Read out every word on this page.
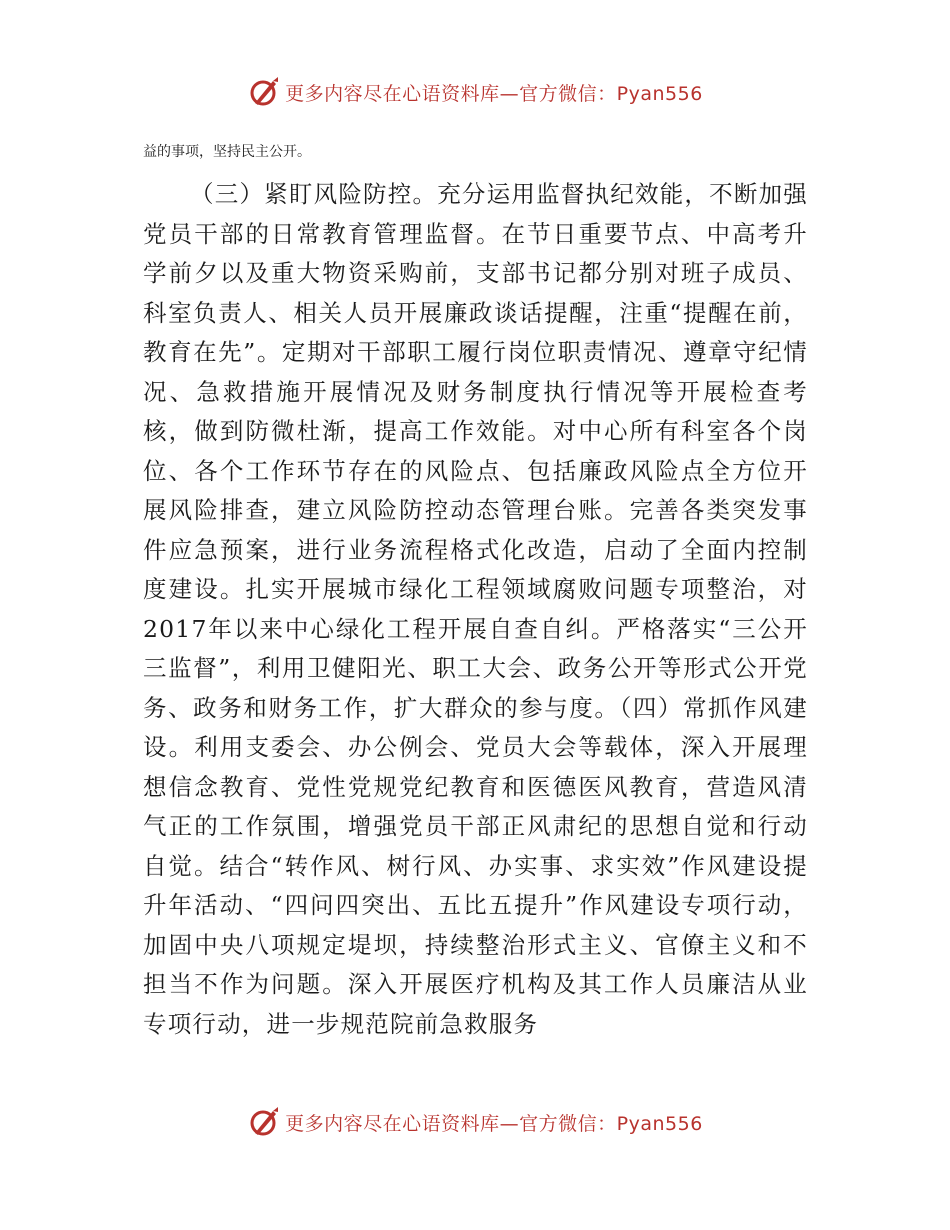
更多内容尽在心语资料库—官方微信：Pyan556
益的事项，坚持民主公开。

（三）紧盯风险防控。充分运用监督执纪效能，不断加强党员干部的日常教育管理监督。在节日重要节点、中高考升学前夕以及重大物资采购前，支部书记都分别对班子成员、科室负责人、相关人员开展廉政谈话提醒，注重“提醒在前，教育在先”。定期对干部职工履行岗位职责情况、遵章守纪情况、急救措施开展情况及财务制度执行情况等开展检查考核，做到防微杜渐，提高工作效能。对中心所有科室各个岗位、各个工作环节存在的风险点、包括廉政风险点全方位开展风险排查，建立风险防控动态管理台账。完善各类突发事件应急预案，进行业务流程格式化改造，启动了全面内控制度建设。扎实开展城市绿化工程领域腐败问题专项整治，对2017年以来中心绿化工程开展自查自纠。严格落实“三公开三监督”，利用卫健阳光、职工大会、政务公开等形式公开党务、政务和财务工作，扩大群众的参与度。（四）常抓作风建设。利用支委会、办公例会、党员大会等载体，深入开展理想信念教育、党性党规党纪教育和医德医风教育，营造风清气正的工作氛围，增强党员干部正风肃纪的思想自觉和行动自觉。结合“转作风、树行风、办实事、求实效”作风建设提升年活动、“四问四突出、五比五提升”作风建设专项行动，加固中央八项规定堤坝，持续整治形式主义、官僚主义和不担当不作为问题。深入开展医疗机构及其工作人员廉洁从业专项行动，进一步规范院前急救服务

更多内容尽在心语资料库—官方微信：Pyan556
